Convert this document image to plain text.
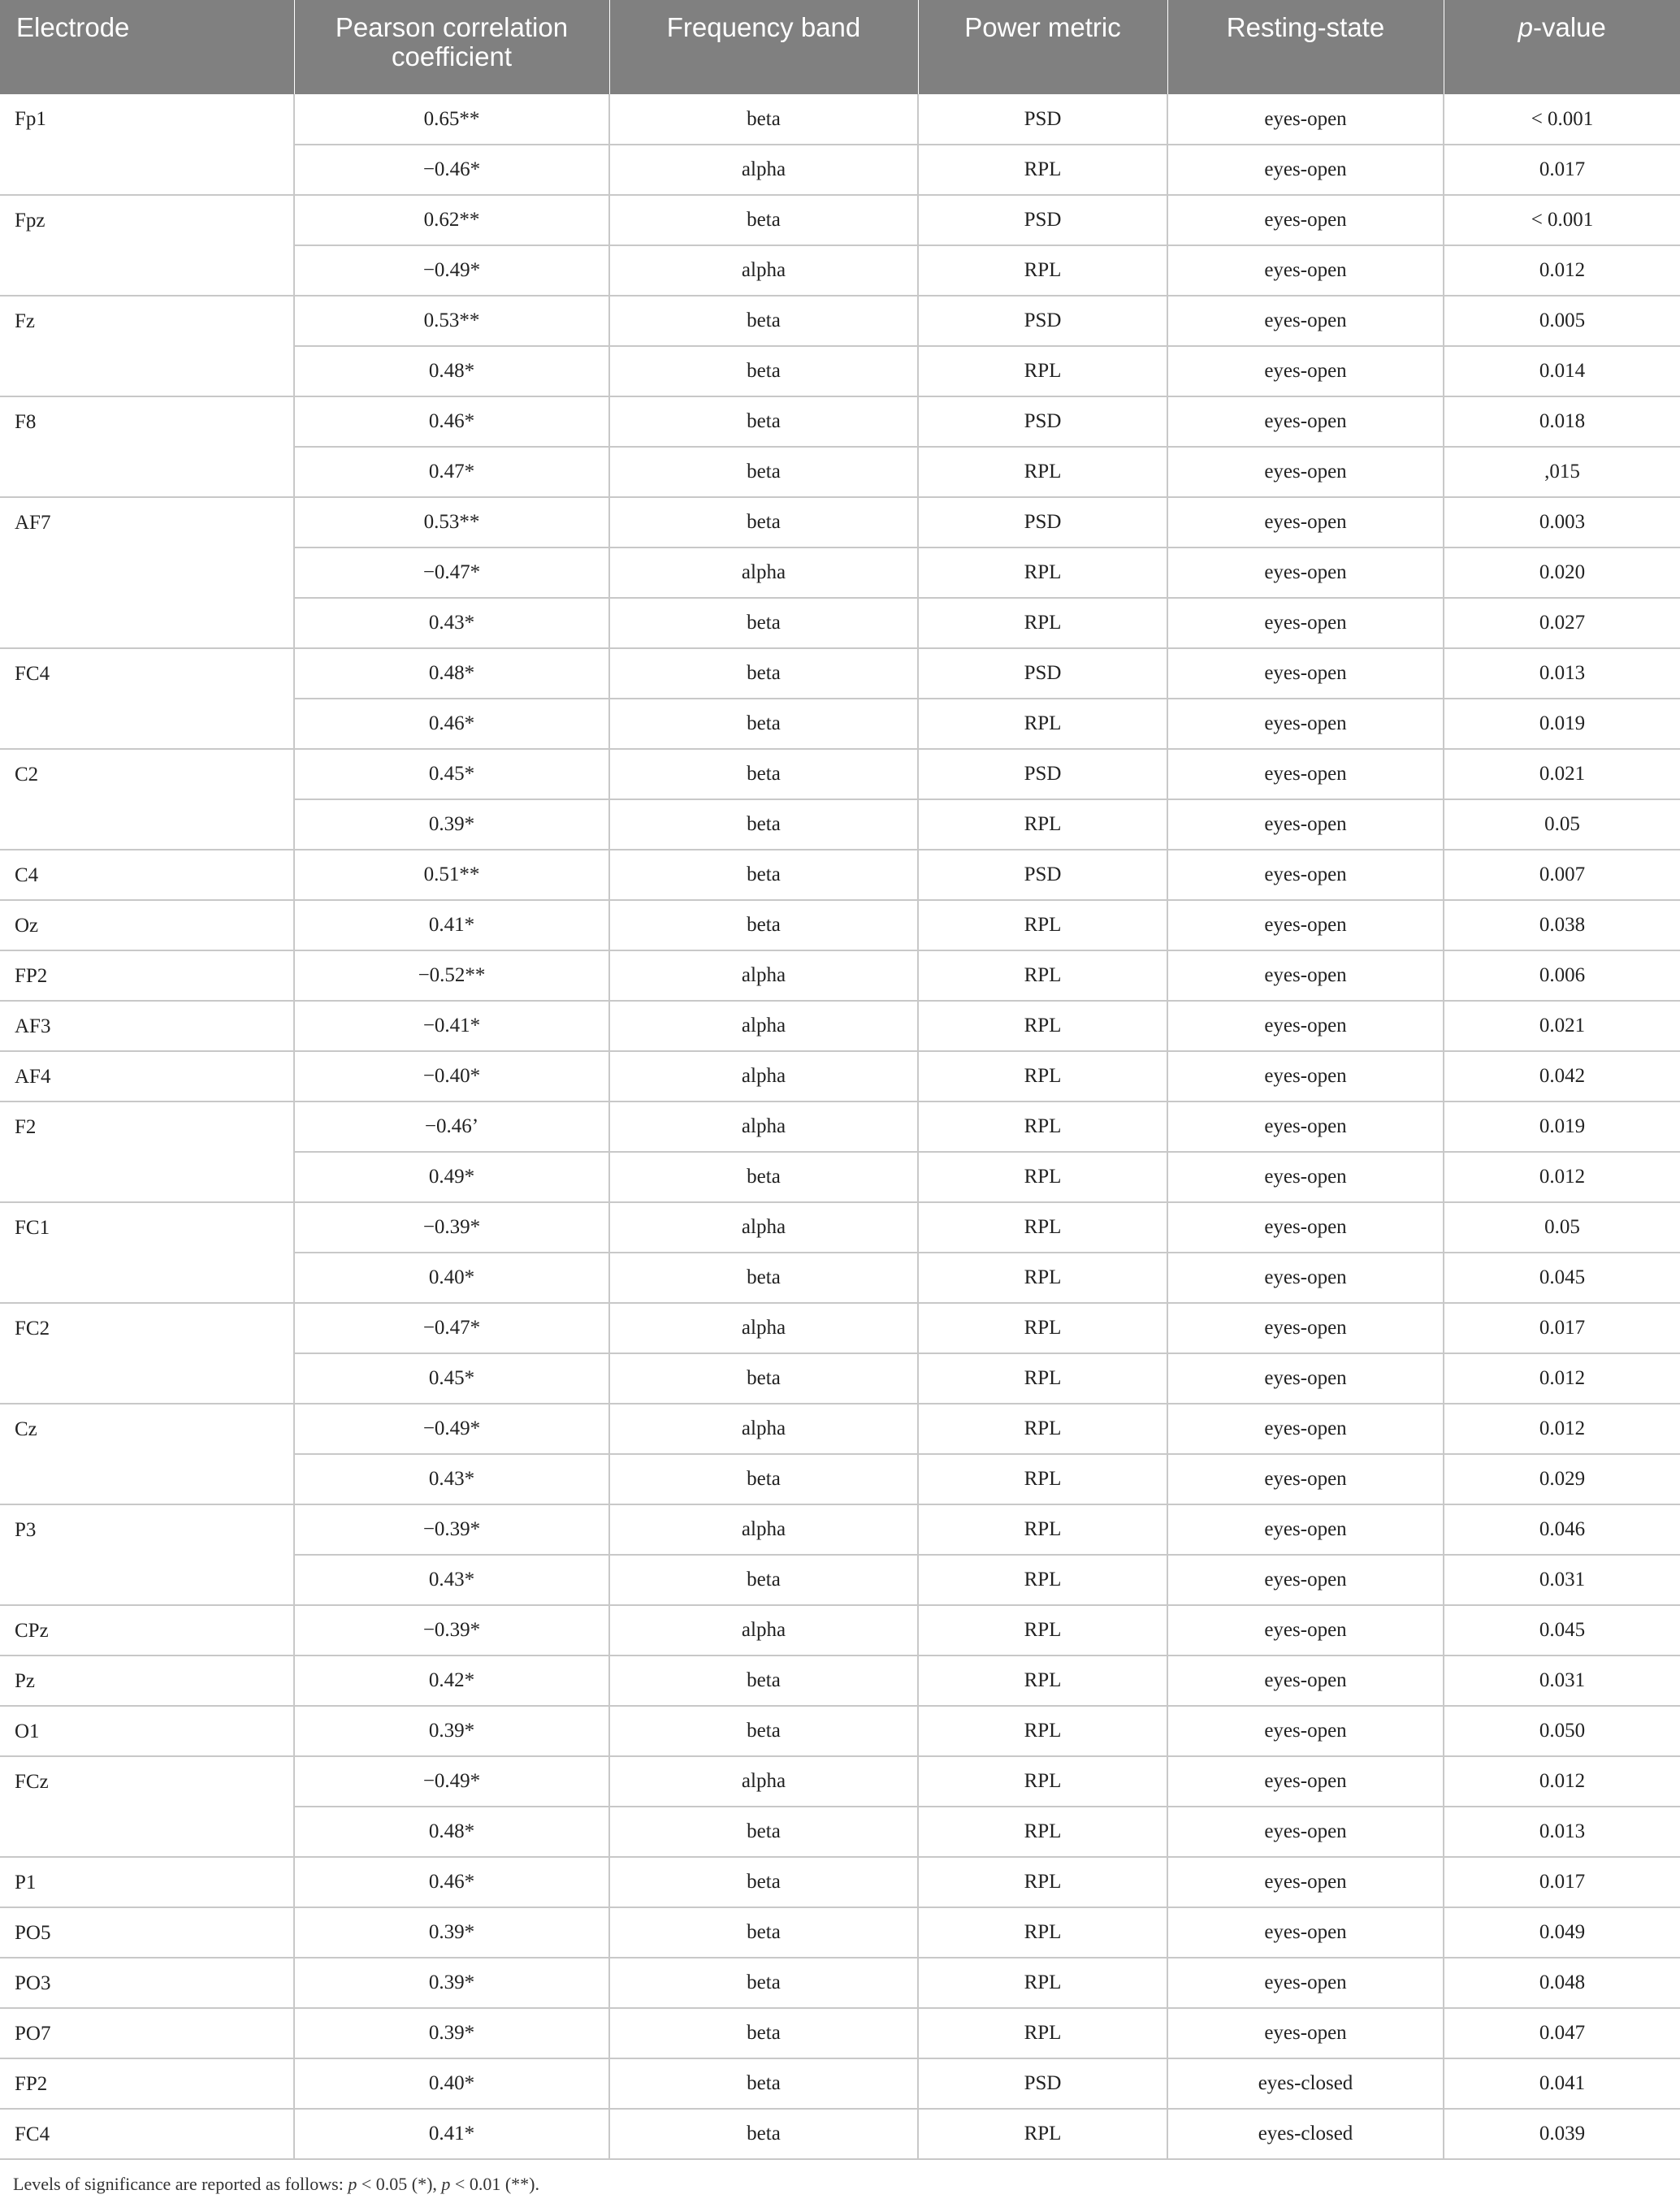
Electrode	Pearson correlation coefficient	Frequency band	Power metric	Resting-state	p-value
Fp1	0.65**	beta	PSD	eyes-open	< 0.001
	−0.46*	alpha	RPL	eyes-open	0.017
Fpz	0.62**	beta	PSD	eyes-open	< 0.001
	−0.49*	alpha	RPL	eyes-open	0.012
Fz	0.53**	beta	PSD	eyes-open	0.005
	0.48*	beta	RPL	eyes-open	0.014
F8	0.46*	beta	PSD	eyes-open	0.018
	0.47*	beta	RPL	eyes-open	,015
AF7	0.53**	beta	PSD	eyes-open	0.003
	−0.47*	alpha	RPL	eyes-open	0.020
	0.43*	beta	RPL	eyes-open	0.027
FC4	0.48*	beta	PSD	eyes-open	0.013
	0.46*	beta	RPL	eyes-open	0.019
C2	0.45*	beta	PSD	eyes-open	0.021
	0.39*	beta	RPL	eyes-open	0.05
C4	0.51**	beta	PSD	eyes-open	0.007
Oz	0.41*	beta	RPL	eyes-open	0.038
FP2	−0.52**	alpha	RPL	eyes-open	0.006
AF3	−0.41*	alpha	RPL	eyes-open	0.021
AF4	−0.40*	alpha	RPL	eyes-open	0.042
F2	−0.46’	alpha	RPL	eyes-open	0.019
	0.49*	beta	RPL	eyes-open	0.012
FC1	−0.39*	alpha	RPL	eyes-open	0.05
	0.40*	beta	RPL	eyes-open	0.045
FC2	−0.47*	alpha	RPL	eyes-open	0.017
	0.45*	beta	RPL	eyes-open	0.012
Cz	−0.49*	alpha	RPL	eyes-open	0.012
	0.43*	beta	RPL	eyes-open	0.029
P3	−0.39*	alpha	RPL	eyes-open	0.046
	0.43*	beta	RPL	eyes-open	0.031
CPz	−0.39*	alpha	RPL	eyes-open	0.045
Pz	0.42*	beta	RPL	eyes-open	0.031
O1	0.39*	beta	RPL	eyes-open	0.050
FCz	−0.49*	alpha	RPL	eyes-open	0.012
	0.48*	beta	RPL	eyes-open	0.013
P1	0.46*	beta	RPL	eyes-open	0.017
PO5	0.39*	beta	RPL	eyes-open	0.049
PO3	0.39*	beta	RPL	eyes-open	0.048
PO7	0.39*	beta	RPL	eyes-open	0.047
FP2	0.40*	beta	PSD	eyes-closed	0.041
FC4	0.41*	beta	RPL	eyes-closed	0.039
Levels of significance are reported as follows: p < 0.05 (*), p < 0.01 (**).
